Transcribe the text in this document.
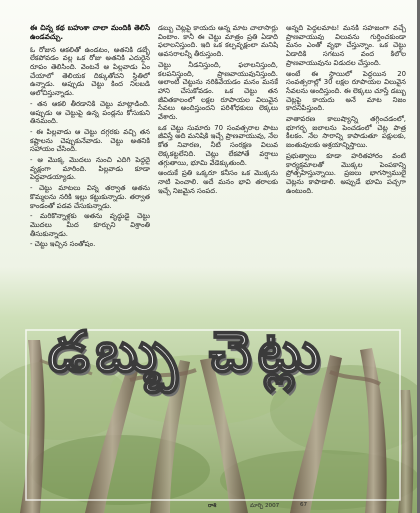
ఈ చిన్న కథ బహుశా చాలా మందికి తెలిసే ఉండవచ్చు.

ఓ రోజున ఆకలితో ఉండటం, అతనికి డబ్బే లేకపోవడం వల్ల ఒక రోజు అతనికి ఎదురైన రూపం తెలిసింది. వెంటనే ఆ పిల్లవాడు ఏం చేయాలో తెలియక దిక్కుతోచని స్థితిలో ఉన్నాడు. అప్పుడు చెట్టు కింద నిలబడి ఆలోచిస్తున్నాడు.

- తన ఆకలి తీరడానికి చెట్టు మాట్లాడింది. అప్పుడు ఆ చెట్టుపై ఉన్న పండ్లను కోసుకుని తినమంది.

- ఈ పిల్లవాడు ఆ చెట్టు దగ్గరకు వచ్చి తన కష్టాలను చెప్పుకునేవాడు. చెట్టు అతనికి సహాయం చేసింది.

- ఆ మొక్క మొదలు నుంచి ఎదిగి పెద్దదై వృక్షంగా మారింది. పిల్లవాడు కూడా పెద్దవాడయ్యాడు.

- చెట్టు మాటలు విన్న తర్వాత అతను కొమ్మలను నరికి ఇల్లు కట్టుకున్నాడు. తర్వాత కాండంతో పడవ చేసుకున్నాడు.

- మరికొన్నాళ్లకు అతను వృద్ధుడై చెట్టు మొదలు మీద కూర్చుని విశ్రాంతి తీసుకున్నాడు.

- చెట్టు ఇచ్చిన సంతోషం.

డబ్బు చెట్లపై కాయదు అన్న మాట చాలాసార్లు వింటాం. కానీ ఈ చెట్టు మాత్రం ప్రతి ఏడాది ఫలాలనిస్తుంది. ఇది ఒక కల్పవృక్షంలా మనిషి అవసరాలన్నీ తీరుస్తుంది.

చెట్టు నీడనిస్తుంది, ఫలాలనిస్తుంది, కలపనిస్తుంది, ప్రాణవాయువునిస్తుంది. అలాంటి చెట్టును నరికివేయడం మనం మనకే హాని చేసుకోవడం. ఒక చెట్టు తన జీవితకాలంలో లక్షల రూపాయల విలువైన సేవలు అందిస్తుందని పరిశోధకులు లెక్కలు వేశారు.

ఒక చెట్టు సుమారు 70 సంవత్సరాల పాటు జీవిస్తే అది మనిషికి ఇచ్చే ప్రాణవాయువు, నేల కోత నివారణ, నీటి సంరక్షణ విలువ లెక్కకట్టలేనిది. చెట్లు లేకపోతే వర్షాలు తగ్గుతాయి, భూమి వేడెక్కుతుంది.

అందుకే ప్రతి ఒక్కరూ కనీసం ఒక మొక్కను నాటి పెంచాలి. అదే మనం భావి తరాలకు ఇచ్చే నిజమైన సంపద.

అన్నది పెద్దలమాట! మనకి సహజంగా వచ్చే ప్రాణవాయువు విలువను గుర్తించకుండా మనం ఎంతో వృథా చేస్తున్నాం. ఒక చెట్టు ఏడాదికి సగటున వంద కిలోల ప్రాణవాయువును విడుదల చేస్తుంది.

అంటే ఈ స్థాయిలో పెద్దయిన 20 సంవత్సరాల్లో 30 లక్షల రూపాయల విలువైన సేవలను అందిస్తుంది. ఈ లెక్కలు చూస్తే డబ్బు చెట్లపై కాయదు అనే మాట నిజం కాదనిపిస్తుంది.

వాతావరణ కాలుష్యాన్ని తగ్గించడంలో, భూగర్భ జలాలను పెంచడంలో చెట్ల పాత్ర కీలకం. నేల సారాన్ని కాపాడుతూ పక్షులకు, జంతువులకు ఆశ్రయాన్నిస్తాయి.

ప్రభుత్వాలు కూడా హరితహారం వంటి కార్యక్రమాలతో మొక్కల పెంపకాన్ని ప్రోత్సహిస్తున్నాయి. ప్రజలు భాగస్వాములై చెట్లను కాపాడాలి. అప్పుడే భూమి పచ్చగా ఉంటుంది.

డబ్బు చెట్లు
రాశి	మార్చి 2007	67
